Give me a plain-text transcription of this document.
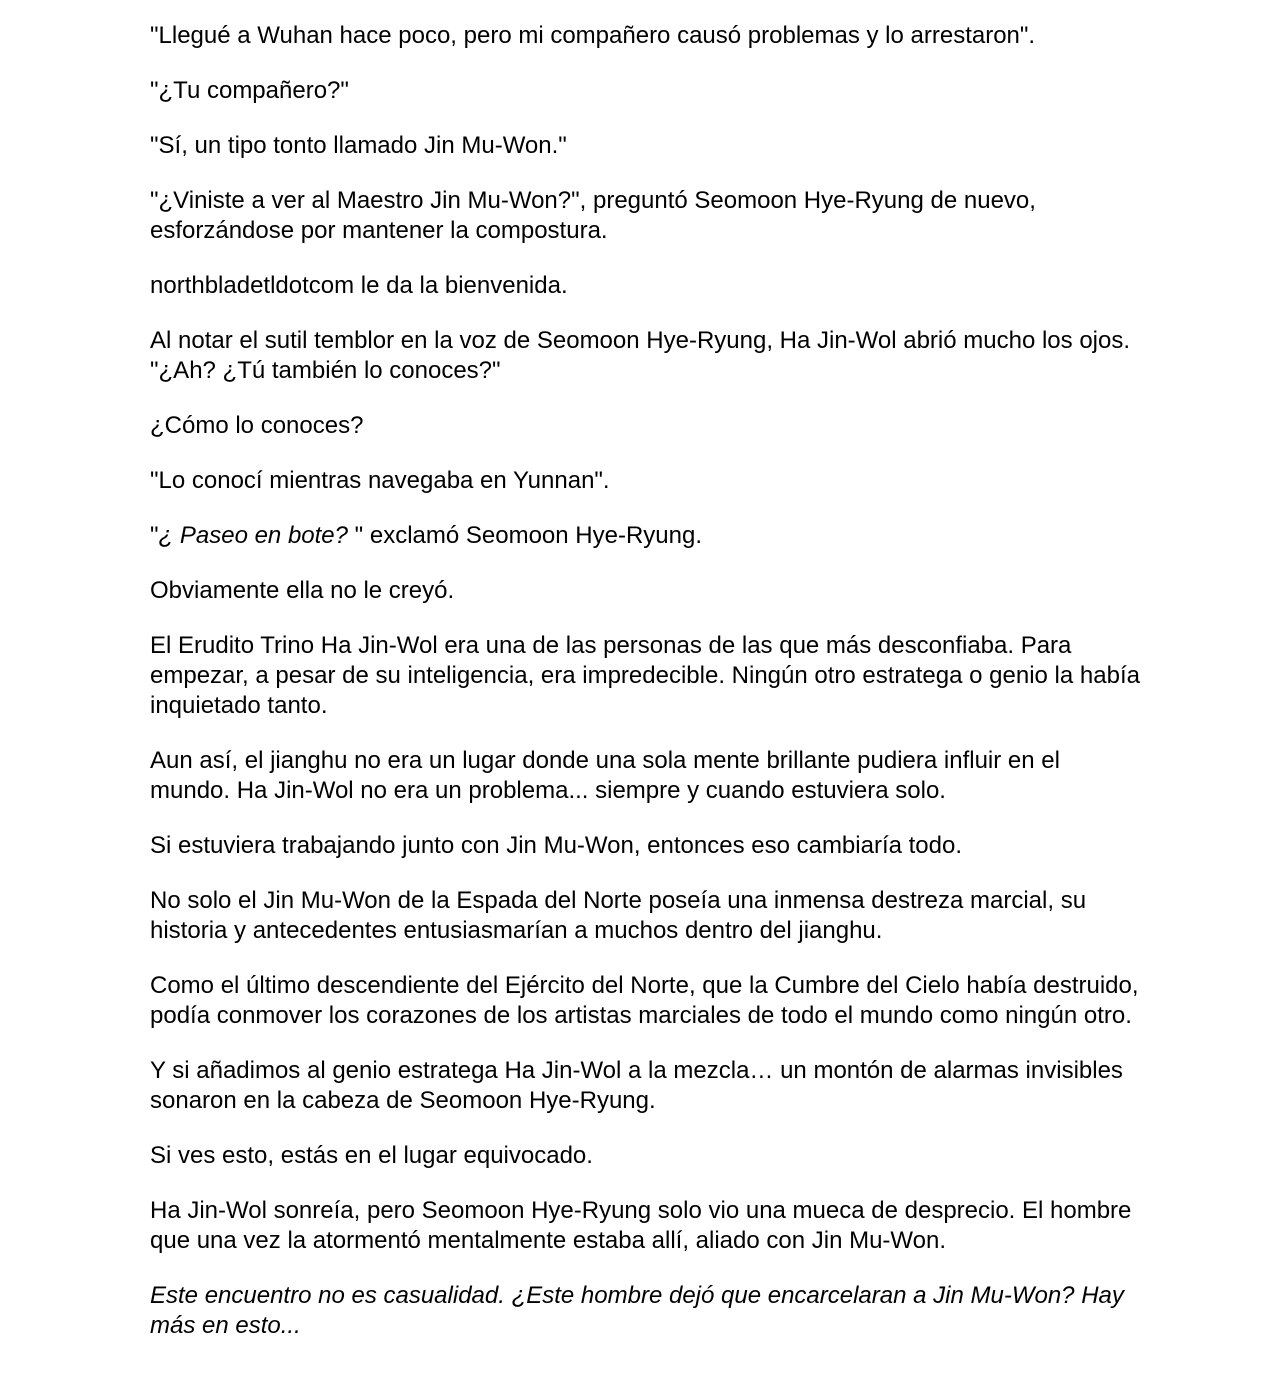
"Llegué a Wuhan hace poco, pero mi compañero causó problemas y lo arrestaron".

"¿Tu compañero?"

"Sí, un tipo tonto llamado Jin Mu-Won."

"¿Viniste a ver al Maestro Jin Mu-Won?", preguntó Seomoon Hye-Ryung de nuevo, esforzándose por mantener la compostura.

northbladetldotcom le da la bienvenida.

Al notar el sutil temblor en la voz de Seomoon Hye-Ryung, Ha Jin-Wol abrió mucho los ojos. "¿Ah? ¿Tú también lo conoces?"

¿Cómo lo conoces?

"Lo conocí mientras navegaba en Yunnan".

"¿ Paseo en bote? " exclamó Seomoon Hye-Ryung.

Obviamente ella no le creyó.

El Erudito Trino Ha Jin-Wol era una de las personas de las que más desconfiaba. Para empezar, a pesar de su inteligencia, era impredecible. Ningún otro estratega o genio la había inquietado tanto.

Aun así, el jianghu no era un lugar donde una sola mente brillante pudiera influir en el mundo. Ha Jin-Wol no era un problema... siempre y cuando estuviera solo.

Si estuviera trabajando junto con Jin Mu-Won, entonces eso cambiaría todo.

No solo el Jin Mu-Won de la Espada del Norte poseía una inmensa destreza marcial, su historia y antecedentes entusiasmarían a muchos dentro del jianghu.

Como el último descendiente del Ejército del Norte, que la Cumbre del Cielo había destruido, podía conmover los corazones de los artistas marciales de todo el mundo como ningún otro.

Y si añadimos al genio estratega Ha Jin-Wol a la mezcla… un montón de alarmas invisibles sonaron en la cabeza de Seomoon Hye-Ryung.

Si ves esto, estás en el lugar equivocado.

Ha Jin-Wol sonreía, pero Seomoon Hye-Ryung solo vio una mueca de desprecio. El hombre que una vez la atormentó mentalmente estaba allí, aliado con Jin Mu-Won.

Este encuentro no es casualidad. ¿Este hombre dejó que encarcelaran a Jin Mu-Won? Hay más en esto...
